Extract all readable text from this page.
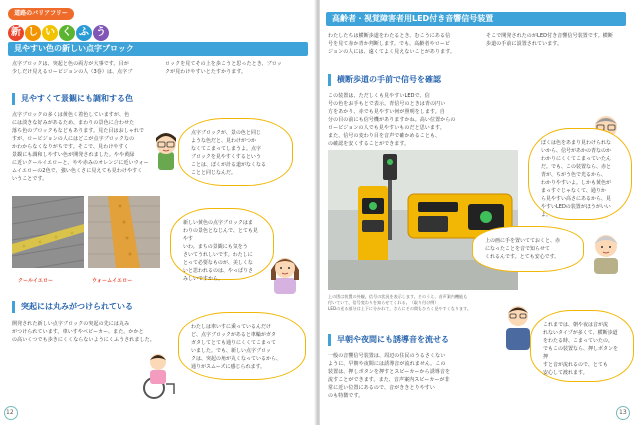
道路のバリアフリー
新 し い く ふ う
見やすい色の新しい点字ブロック
点字ブロックは、突起と色の両方が大事です。目が
少しだけ見えるロービジョンの人（3巻）は、点字ブ
ロックを見てその上を歩こうと思ったとき、ブロッ
クが見わけやすいとたすかります。
見やすくて景観にも調和する色
点字ブロックの多くは黄色く着色していますが、色
には淡きな好みがあるため、まわりの景色に合わせた
落ち色のブロックもなどもあります。見た目はおしゃれで
すが、ロービジョンの人にはどこが点字ブロックなの
かわからなくなりがちです。そこで、見わけやすく
景観にも調和しやすい色が開発されました。やや黄緑
に近いクールイエローと、やや赤みのオレンジに近いウォー
ムイエローの2色で、強い色くさに見えても見わけやすく
いうことです。
点字ブロックが、景の色と同じ
ような色だと、見わけがつか
なくてこまってしまうよ。点字
ブロックを見やすくするという
ことは、ぼくが計る道がなくなる
ことと同じなんだ。
クールイエロー	ウォームイエロー
新しい黄色の点字ブロックはま
わりの景色となじんで、とても見やす
いわ。まちの景観にも気をう
さいてうれしいです。わたしに
とって必要なものが、美しくな
いと思われるのは、やっぱりさ
みしいですから。
突起には丸みがつけられている
開発された新しい点字ブロックの突起の先には丸み
がつけられています。車いすやベビーカー、また、かかと
の高いくつでも歩きにくくならないようにくふうされました。
わたしは車いすに乗っているんだけ
ど、点字ブロックがあると車輪がガタ
ガタしてとても通りにくくてこまって
いました。でも、新しい点字ブロッ
クは、突起の角が丸くなっているから、
通りがスムーズに感じられます。
12
高齢者・視覚障害者用LED付き音響信号装置
わたしたちは横断歩道をわたるとき、むこうにある信
号を見て赤か青か判断します。でも、高齢者やロービ
ジョンの人には、遠くてよく見えないことがあります。
そこで開発されたのがLED付き音響信号装置です。横断
歩道の手前に設置されています。
横断歩道の手前で信号を確認
この装置は、ただしくも見やすいLEDで、信
号の色をお手もとで表示。青信号のときは青の円い
方をあかり、赤でも見やすい何が照明をします。自
分の目の前にも信号機がありますかね。高い位置からの
ロービジョンの人でも見やすいものだと思います。
また、信号の変わり目を音声で確かめることも、
の確認を安くすることができます。	ぼくは色をあまり見わけられな
いから、信号があかの青なのか
わかりにくくてこまっていたん
だ。でも、この装置なら、赤と
青が、ちがう色で光るから、
わかりやすいよ。しかも黄色が
まっすぐじゃなくて、通りか
ら見やすい高さにあるから、見
やすいLEDの装置がほうがいいよ。
上の図は装置の外観。信号の状況を表示します。そのうえ、音声案内機能も
付いていて、信号変わりを知らせてくれる。（取り付け例）
LEDの光る部分は上下に分かれて、さらにその間もひろく見やすくなります。
上の画に手を置いてておくと、赤
になったことを音で知らせて
くれるんです。とても安心です。
早朝や夜間にも誘導音を流せる
一般の音響信号装置は、周辺の住民のうるさくない
ように、早朝や夜間には誘導音が流れません。この
装置は、押しボタンを押すとスピーカーから誘導音を
流すことができます。また、音声案内スピーカーが非
常に近い位置にあるので、音がききとりやすい
のも特徴です。
これまでは、朝や夜は音が流
れないタイプが多くて、横断歩道
をわたる時、こまっていたの。
でもこの装置なら、押しボタンを押
すと音が流れるので、とても
安心して渡れます。
13
